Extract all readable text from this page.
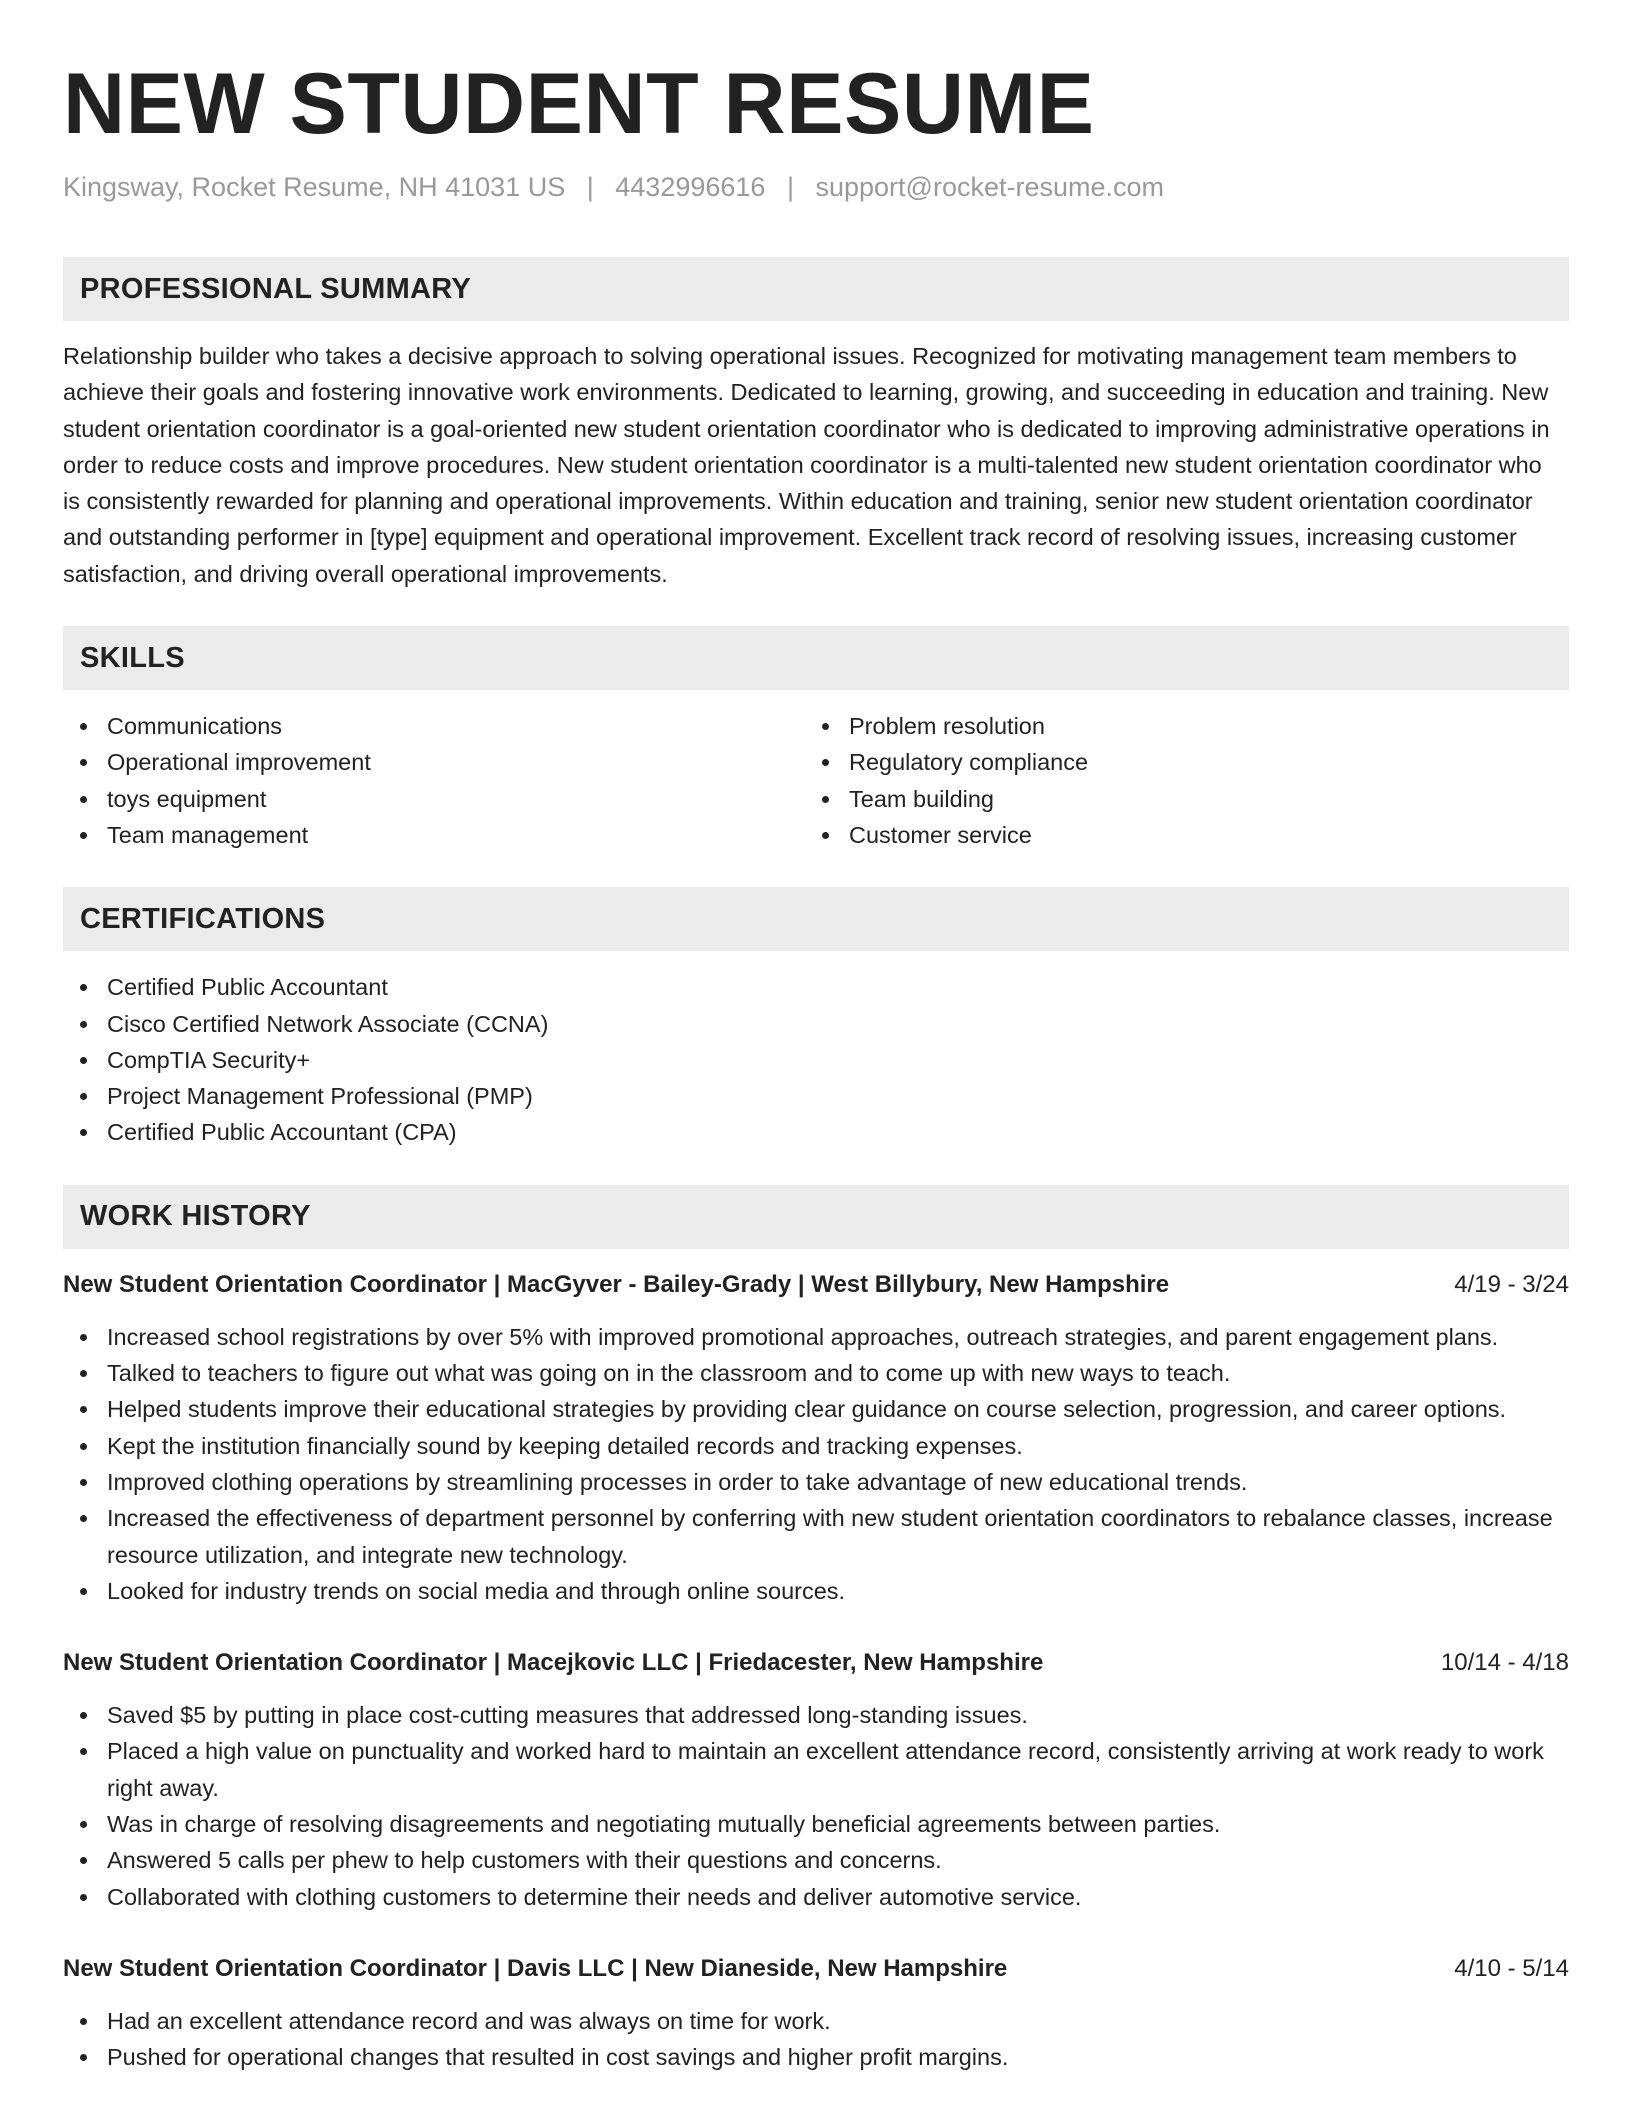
NEW STUDENT RESUME
Kingsway, Rocket Resume, NH 41031 US | 4432996616 | support@rocket-resume.com
PROFESSIONAL SUMMARY

Relationship builder who takes a decisive approach to solving operational issues. Recognized for motivating management team members to achieve their goals and fostering innovative work environments. Dedicated to learning, growing, and succeeding in education and training. New student orientation coordinator is a goal-oriented new student orientation coordinator who is dedicated to improving administrative operations in order to reduce costs and improve procedures. New student orientation coordinator is a multi-talented new student orientation coordinator who is consistently rewarded for planning and operational improvements. Within education and training, senior new student orientation coordinator and outstanding performer in [type] equipment and operational improvement. Excellent track record of resolving issues, increasing customer satisfaction, and driving overall operational improvements.

SKILLS
Communications
Operational improvement
toys equipment
Team management
Problem resolution
Regulatory compliance
Team building
Customer service
CERTIFICATIONS
Certified Public Accountant
Cisco Certified Network Associate (CCNA)
CompTIA Security+
Project Management Professional (PMP)
Certified Public Accountant (CPA)
WORK HISTORY
New Student Orientation Coordinator | MacGyver - Bailey-Grady | West Billybury, New Hampshire	4/19 - 3/24
Increased school registrations by over 5% with improved promotional approaches, outreach strategies, and parent engagement plans.
Talked to teachers to figure out what was going on in the classroom and to come up with new ways to teach.
Helped students improve their educational strategies by providing clear guidance on course selection, progression, and career options.
Kept the institution financially sound by keeping detailed records and tracking expenses.
Improved clothing operations by streamlining processes in order to take advantage of new educational trends.
Increased the effectiveness of department personnel by conferring with new student orientation coordinators to rebalance classes, increase resource utilization, and integrate new technology.
Looked for industry trends on social media and through online sources.
New Student Orientation Coordinator | Macejkovic LLC | Friedacester, New Hampshire	10/14 - 4/18
Saved $5 by putting in place cost-cutting measures that addressed long-standing issues.
Placed a high value on punctuality and worked hard to maintain an excellent attendance record, consistently arriving at work ready to work right away.
Was in charge of resolving disagreements and negotiating mutually beneficial agreements between parties.
Answered 5 calls per phew to help customers with their questions and concerns.
Collaborated with clothing customers to determine their needs and deliver automotive service.
New Student Orientation Coordinator | Davis LLC | New Dianeside, New Hampshire	4/10 - 5/14
Had an excellent attendance record and was always on time for work.
Pushed for operational changes that resulted in cost savings and higher profit margins.
